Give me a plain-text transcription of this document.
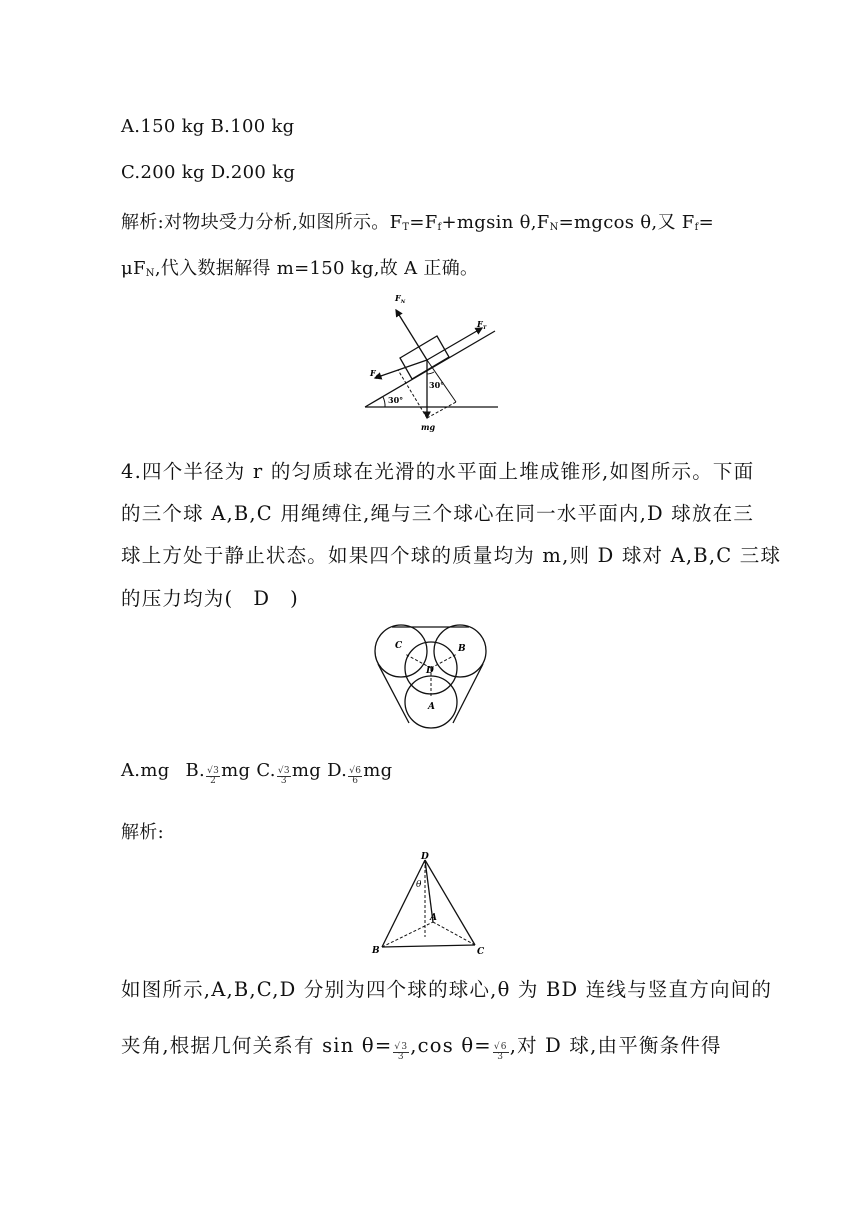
A.150 kg B.100 kg
C.200 kg D.200 kg
解析:对物块受力分析,如图所示。$F_T=F_f+mgsin$ $\theta,F_N=mgcos$ θ,又 $F_f=$
$\mu F_N$,代入数据解得 m=150 kg,故 A 正确。
$F_N$
$F_T$
$F_f$
30°
30°
mg
4.四个半径为 r 的匀质球在光滑的水平面上堆成锥形,如图所示。下面
的三个球 A,B,C 用绳缚住,绳与三个球心在同一水平面内,D 球放在三
球上方处于静止状态。如果四个球的质量均为 m,则 D 球对 A,B,C 三球
的压力均为( D )
C	B
D
A
A.mg B. $\frac{√3}{2}$ mg C. $\frac{√3}{3}$ mg D. $\frac{√6}{6}$ mg
解析:
D
θ
A
B	C
如图所示,A,B,C,D 分别为四个球的球心,θ 为 BD 连线与竖直方向间的
夹角,根据几何关系有 $\sin \theta= \frac{√3}{3} ,\cos$ $\theta= \frac{√6}{3}$ ,对 D 球,由平衡条件得
